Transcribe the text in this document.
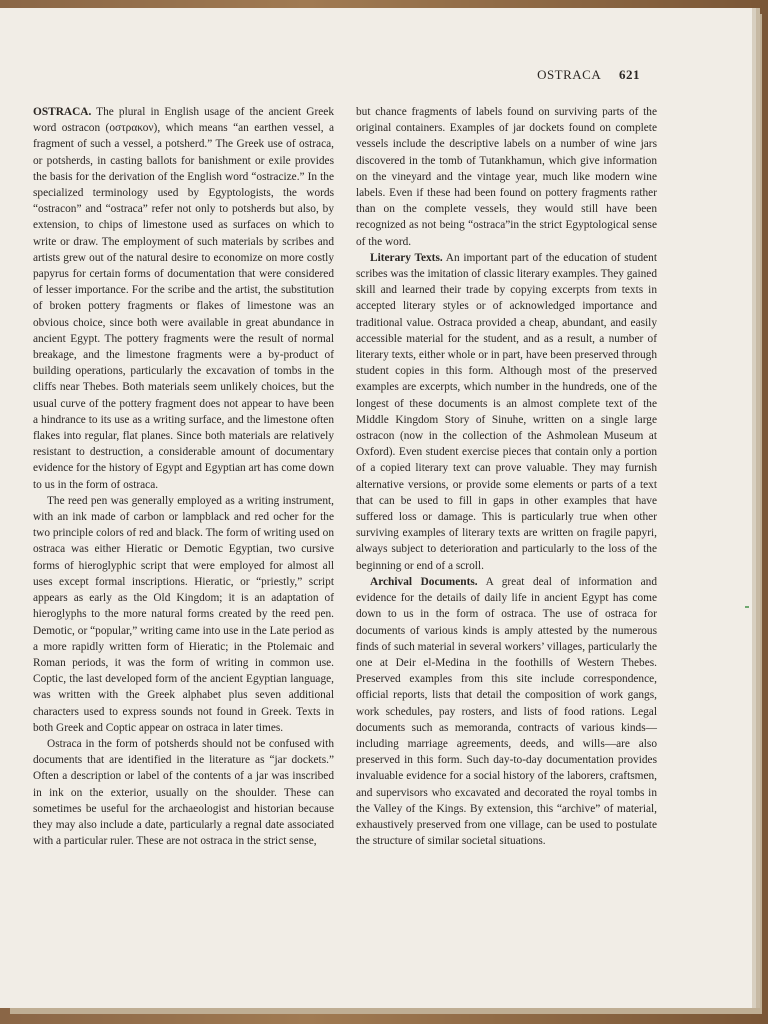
OSTRACA 621

OSTRACA. The plural in English usage of the ancient Greek word ostracon (οστρακον), which means “an earthen vessel, a fragment of such a vessel, a potsherd.” The Greek use of ostraca, or potsherds, in casting ballots for banishment or exile provides the basis for the derivation of the English word “ostracize.” In the specialized terminology used by Egyptologists, the words “ostracon” and “ostraca” refer not only to potsherds but also, by extension, to chips of limestone used as surfaces on which to write or draw. The employment of such materials by scribes and artists grew out of the natural desire to economize on more costly papyrus for certain forms of documentation that were considered of lesser importance. For the scribe and the artist, the substitution of broken pottery fragments or flakes of limestone was an obvious choice, since both were available in great abundance in ancient Egypt. The pottery fragments were the result of normal breakage, and the limestone fragments were a by-product of building operations, particularly the excavation of tombs in the cliffs near Thebes. Both materials seem unlikely choices, but the usual curve of the pottery fragment does not appear to have been a hindrance to its use as a writing surface, and the limestone often flakes into regular, flat planes. Since both materials are relatively resistant to destruction, a considerable amount of documentary evidence for the history of Egypt and Egyptian art has come down to us in the form of ostraca.

The reed pen was generally employed as a writing instrument, with an ink made of carbon or lampblack and red ocher for the two principle colors of red and black. The form of writing used on ostraca was either Hieratic or Demotic Egyptian, two cursive forms of hieroglyphic script that were employed for almost all uses except formal inscriptions. Hieratic, or “priestly,” script appears as early as the Old Kingdom; it is an adaptation of hieroglyphs to the more natural forms created by the reed pen. Demotic, or “popular,” writing came into use in the Late period as a more rapidly written form of Hieratic; in the Ptolemaic and Roman periods, it was the form of writing in common use. Coptic, the last developed form of the ancient Egyptian language, was written with the Greek alphabet plus seven additional characters used to express sounds not found in Greek. Texts in both Greek and Coptic appear on ostraca in later times.

Ostraca in the form of potsherds should not be confused with documents that are identified in the literature as “jar dockets.” Often a description or label of the contents of a jar was inscribed in ink on the exterior, usually on the shoulder. These can sometimes be useful for the archaeologist and historian because they may also include a date, particularly a regnal date associated with a particular ruler. These are not ostraca in the strict sense,

but chance fragments of labels found on surviving parts of the original containers. Examples of jar dockets found on complete vessels include the descriptive labels on a number of wine jars discovered in the tomb of Tutankhamun, which give information on the vineyard and the vintage year, much like modern wine labels. Even if these had been found on pottery fragments rather than on the complete vessels, they would still have been recognized as not being “ostraca”in the strict Egyptological sense of the word.

Literary Texts. An important part of the education of student scribes was the imitation of classic literary examples. They gained skill and learned their trade by copying excerpts from texts in accepted literary styles or of acknowledged importance and traditional value. Ostraca provided a cheap, abundant, and easily accessible material for the student, and as a result, a number of literary texts, either whole or in part, have been preserved through student copies in this form. Although most of the preserved examples are excerpts, which number in the hundreds, one of the longest of these documents is an almost complete text of the Middle Kingdom Story of Sinuhe, written on a single large ostracon (now in the collection of the Ashmolean Museum at Oxford). Even student exercise pieces that contain only a portion of a copied literary text can prove valuable. They may furnish alternative versions, or provide some elements or parts of a text that can be used to fill in gaps in other examples that have suffered loss or damage. This is particularly true when other surviving examples of literary texts are written on fragile papyri, always subject to deterioration and particularly to the loss of the beginning or end of a scroll.

Archival Documents. A great deal of information and evidence for the details of daily life in ancient Egypt has come down to us in the form of ostraca. The use of ostraca for documents of various kinds is amply attested by the numerous finds of such material in several workers’ villages, particularly the one at Deir el-Medina in the foothills of Western Thebes. Preserved examples from this site include correspondence, official reports, lists that detail the composition of work gangs, work schedules, pay rosters, and lists of food rations. Legal documents such as memoranda, contracts of various kinds—including marriage agreements, deeds, and wills—are also preserved in this form. Such day-to-day documentation provides invaluable evidence for a social history of the laborers, craftsmen, and supervisors who excavated and decorated the royal tombs in the Valley of the Kings. By extension, this “archive” of material, exhaustively preserved from one village, can be used to postulate the structure of similar societal situations.
